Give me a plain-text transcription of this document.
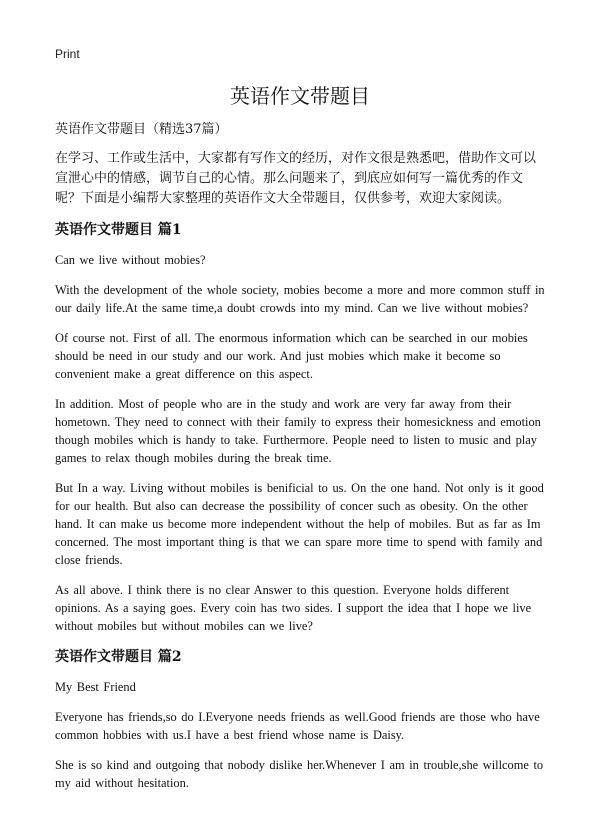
Print
英语作文带题目

英语作文带题目（精选37篇）

在学习、工作或生活中，大家都有写作文的经历，对作文很是熟悉吧，借助作文可以宣泄心中的情感，调节自己的心情。那么问题来了，到底应如何写一篇优秀的作文呢？下面是小编帮大家整理的英语作文大全带题目，仅供参考，欢迎大家阅读。

英语作文带题目 篇1

Can we live without mobies?

With the development of the whole society, mobies become a more and more common stuff in our daily life.At the same time,a doubt crowds into my mind. Can we live without mobies?

Of course not. First of all. The enormous information which can be searched in our mobies should be need in our study and our work. And just mobies which make it become so convenient make a great difference on this aspect.

In addition. Most of people who are in the study and work are very far away from their hometown. They need to connect with their family to express their homesickness and emotion though mobiles which is handy to take. Furthermore. People need to listen to music and play games to relax though mobiles during the break time.

But In a way. Living without mobiles is benificial to us. On the one hand. Not only is it good for our health. But also can decrease the possibility of concer such as obesity. On the other hand. It can make us become more independent without the help of mobiles. But as far as Im concerned. The most important thing is that we can spare more time to spend with family and close friends.

As all above. I think there is no clear Answer to this question. Everyone holds different opinions. As a saying goes. Every coin has two sides. I support the idea that I hope we live without mobiles but without mobiles can we live?

英语作文带题目 篇2

My Best Friend

Everyone has friends,so do I.Everyone needs friends as well.Good friends are those who have common hobbies with us.I have a best friend whose name is Daisy.

She is so kind and outgoing that nobody dislike her.Whenever I am in trouble,she willcome to my aid without hesitation.
